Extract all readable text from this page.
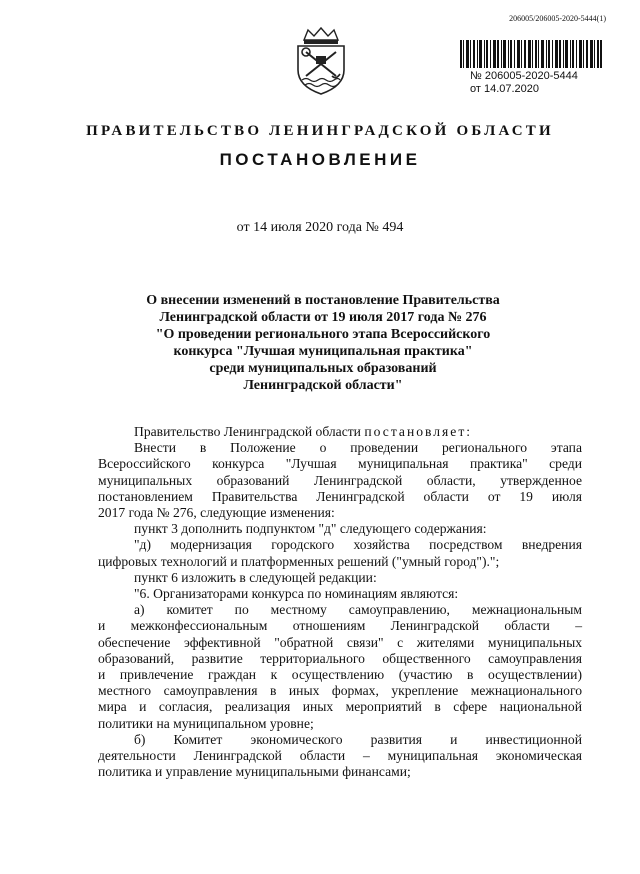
206005/206005-2020-5444(1)
№ 206005-2020-5444
от 14.07.2020
ПРАВИТЕЛЬСТВО ЛЕНИНГРАДСКОЙ ОБЛАСТИ
ПОСТАНОВЛЕНИЕ
от 14 июля 2020 года № 494
О внесении изменений в постановление Правительства
Ленинградской области от 19 июля 2017 года № 276
"О проведении регионального этапа Всероссийского
конкурса "Лучшая муниципальная практика"
среди муниципальных образований
Ленинградской области"
Правительство Ленинградской области постановляет:
Внести в Положение о проведении регионального этапа
Всероссийского конкурса "Лучшая муниципальная практика" среди
муниципальных образований Ленинградской области, утвержденное
постановлением Правительства Ленинградской области от 19 июля
2017 года № 276, следующие изменения:
пункт 3 дополнить подпунктом "д" следующего содержания:
"д) модернизация городского хозяйства посредством внедрения
цифровых технологий и платформенных решений ("умный город").";
пункт 6 изложить в следующей редакции:
"6. Организаторами конкурса по номинациям являются:
а) комитет по местному самоуправлению, межнациональным
и межконфессиональным отношениям Ленинградской области –
обеспечение эффективной "обратной связи" с жителями муниципальных
образований, развитие территориального общественного самоуправления
и привлечение граждан к осуществлению (участию в осуществлении)
местного самоуправления в иных формах, укрепление межнационального
мира и согласия, реализация иных мероприятий в сфере национальной
политики на муниципальном уровне;
б) Комитет экономического развития и инвестиционной
деятельности Ленинградской области – муниципальная экономическая
политика и управление муниципальными финансами;
